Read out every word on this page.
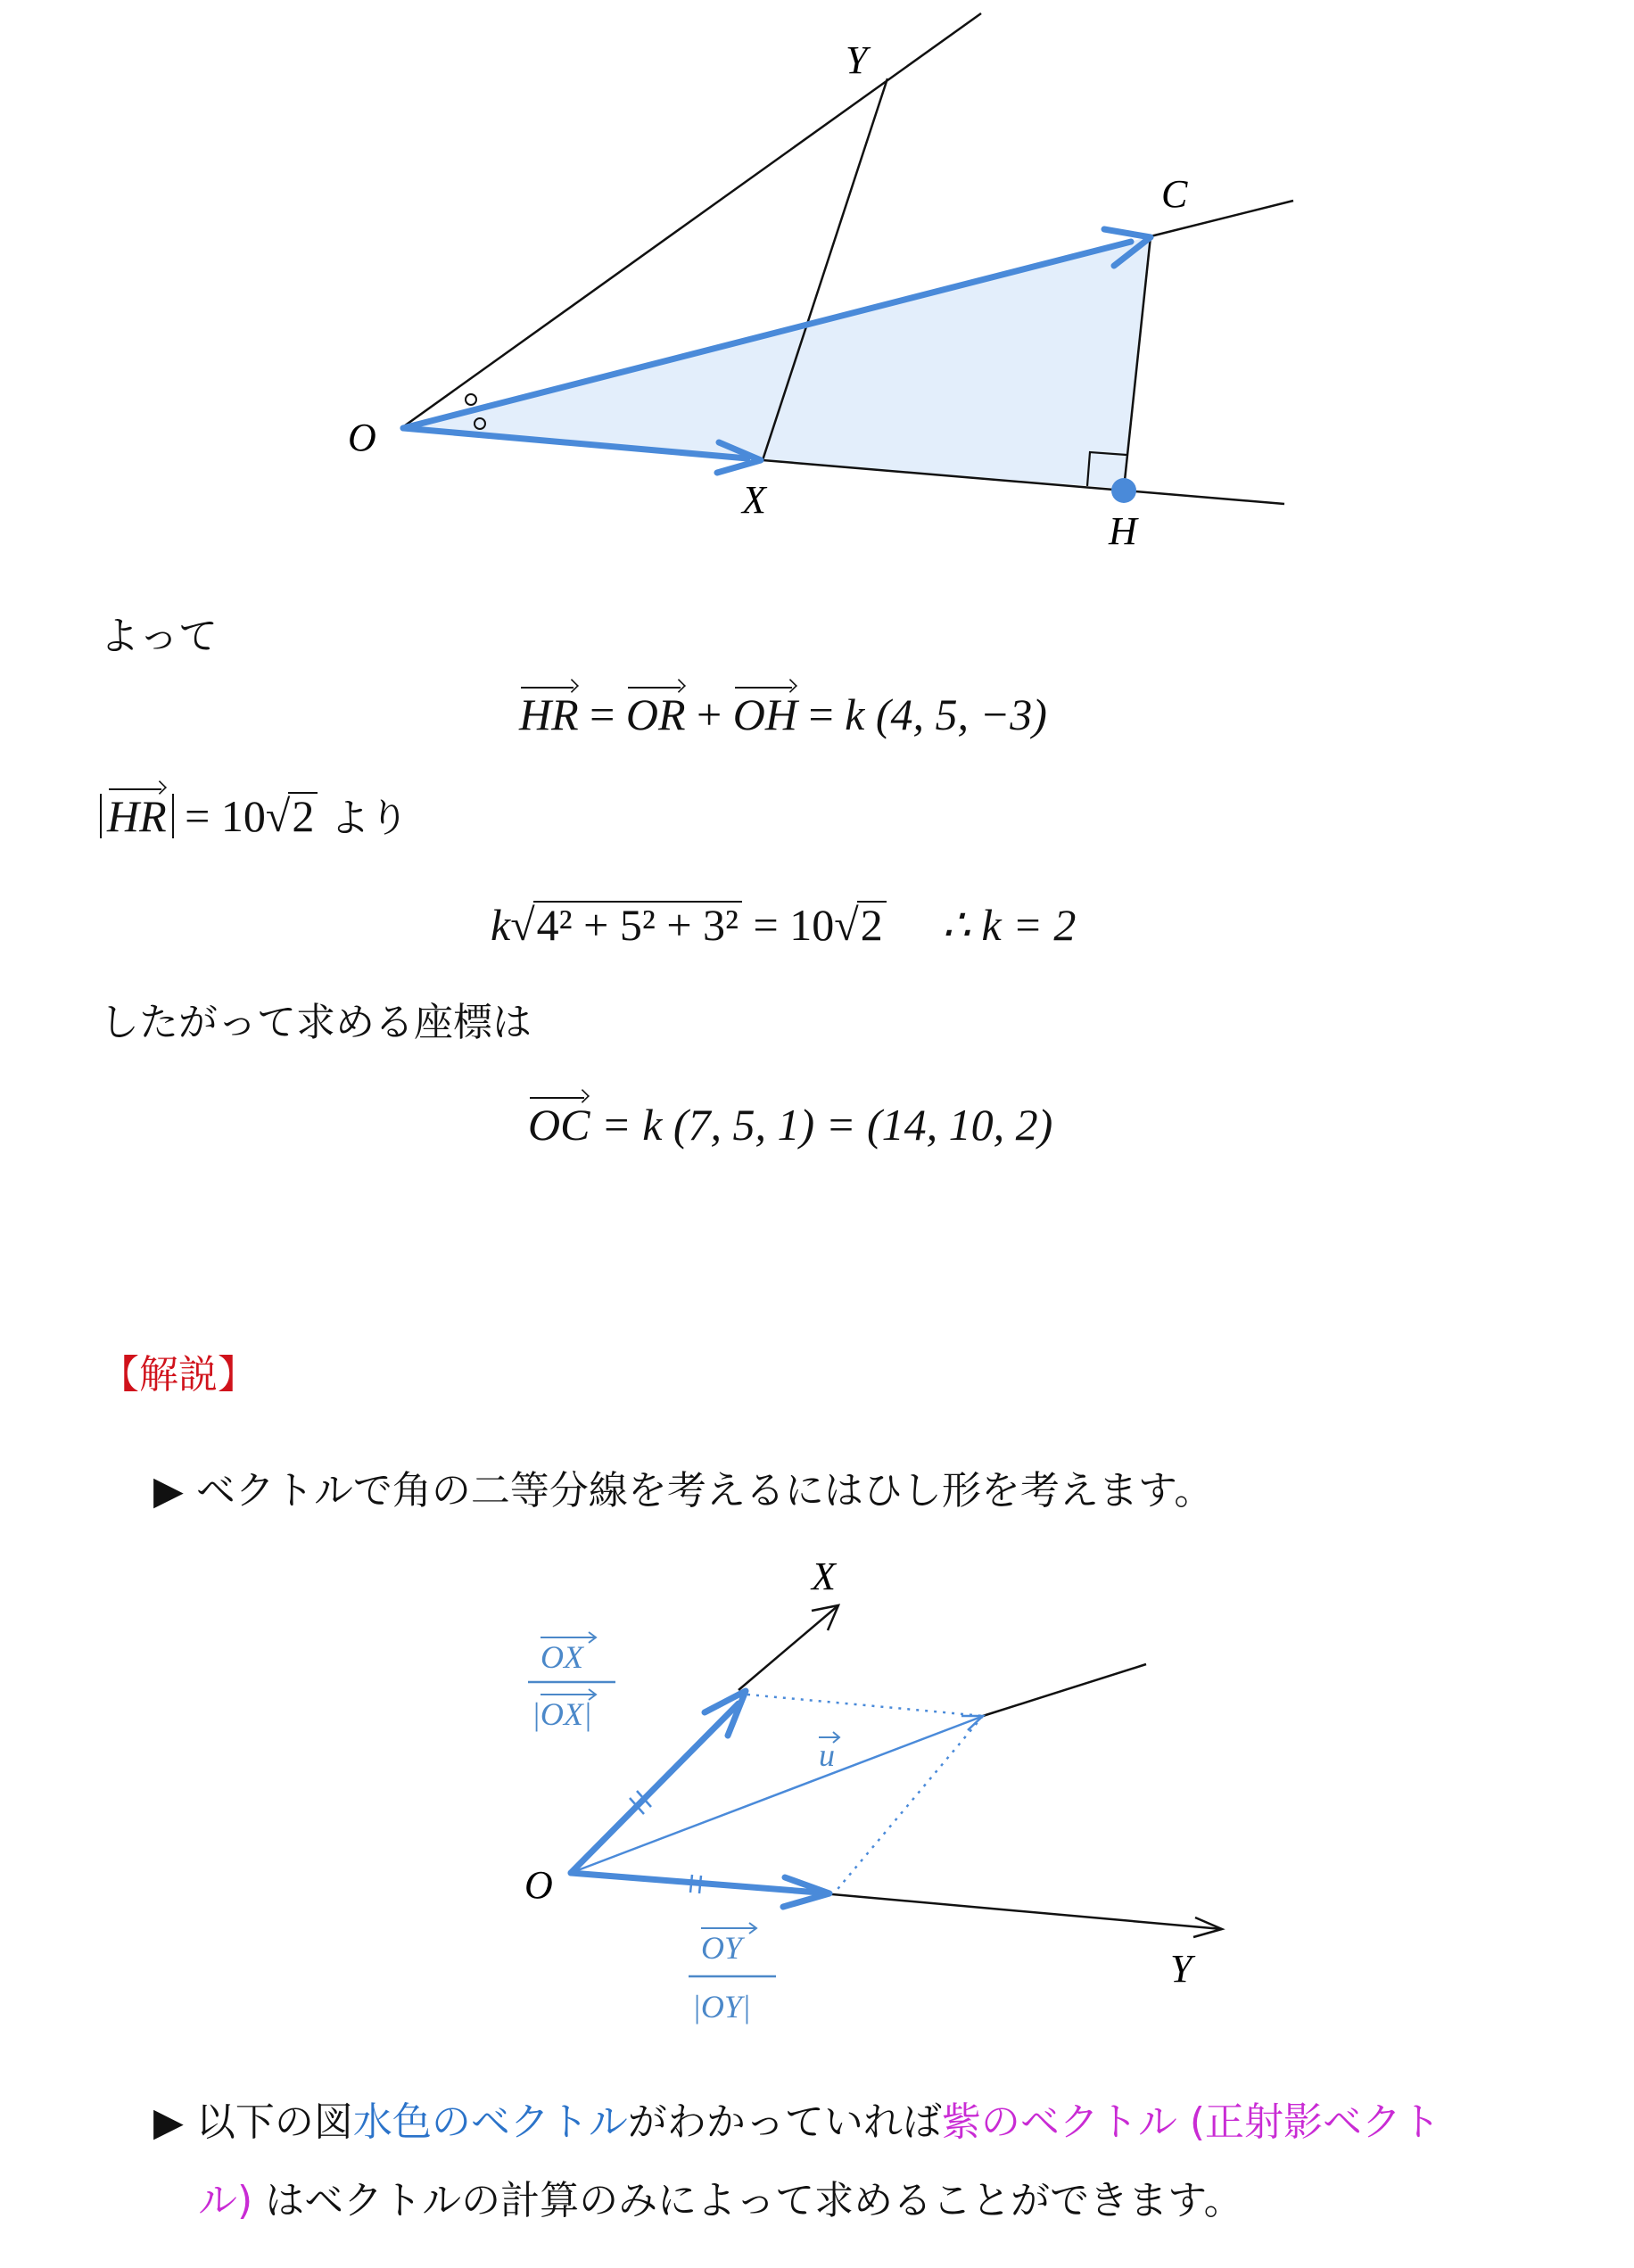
Y
C
O
X
H
よって
HR = OR + OH = k (4, 5, −3)
HR = 10√2 より
k√4² + 5² + 3² = 10√2 ∴ k = 2
したがって求める座標は
OC = k (7, 5, 1) = (14, 10, 2)
【解説】
▶ ベクトルで角の二等分線を考えるにはひし形を考えます。
X
Y
O
u
OX
|OX|
OY
|OY|
▶ 以下の図水色のベクトルがわかっていれば紫のベクトル (正射影ベクト
ル) はベクトルの計算のみによって求めることができます。
